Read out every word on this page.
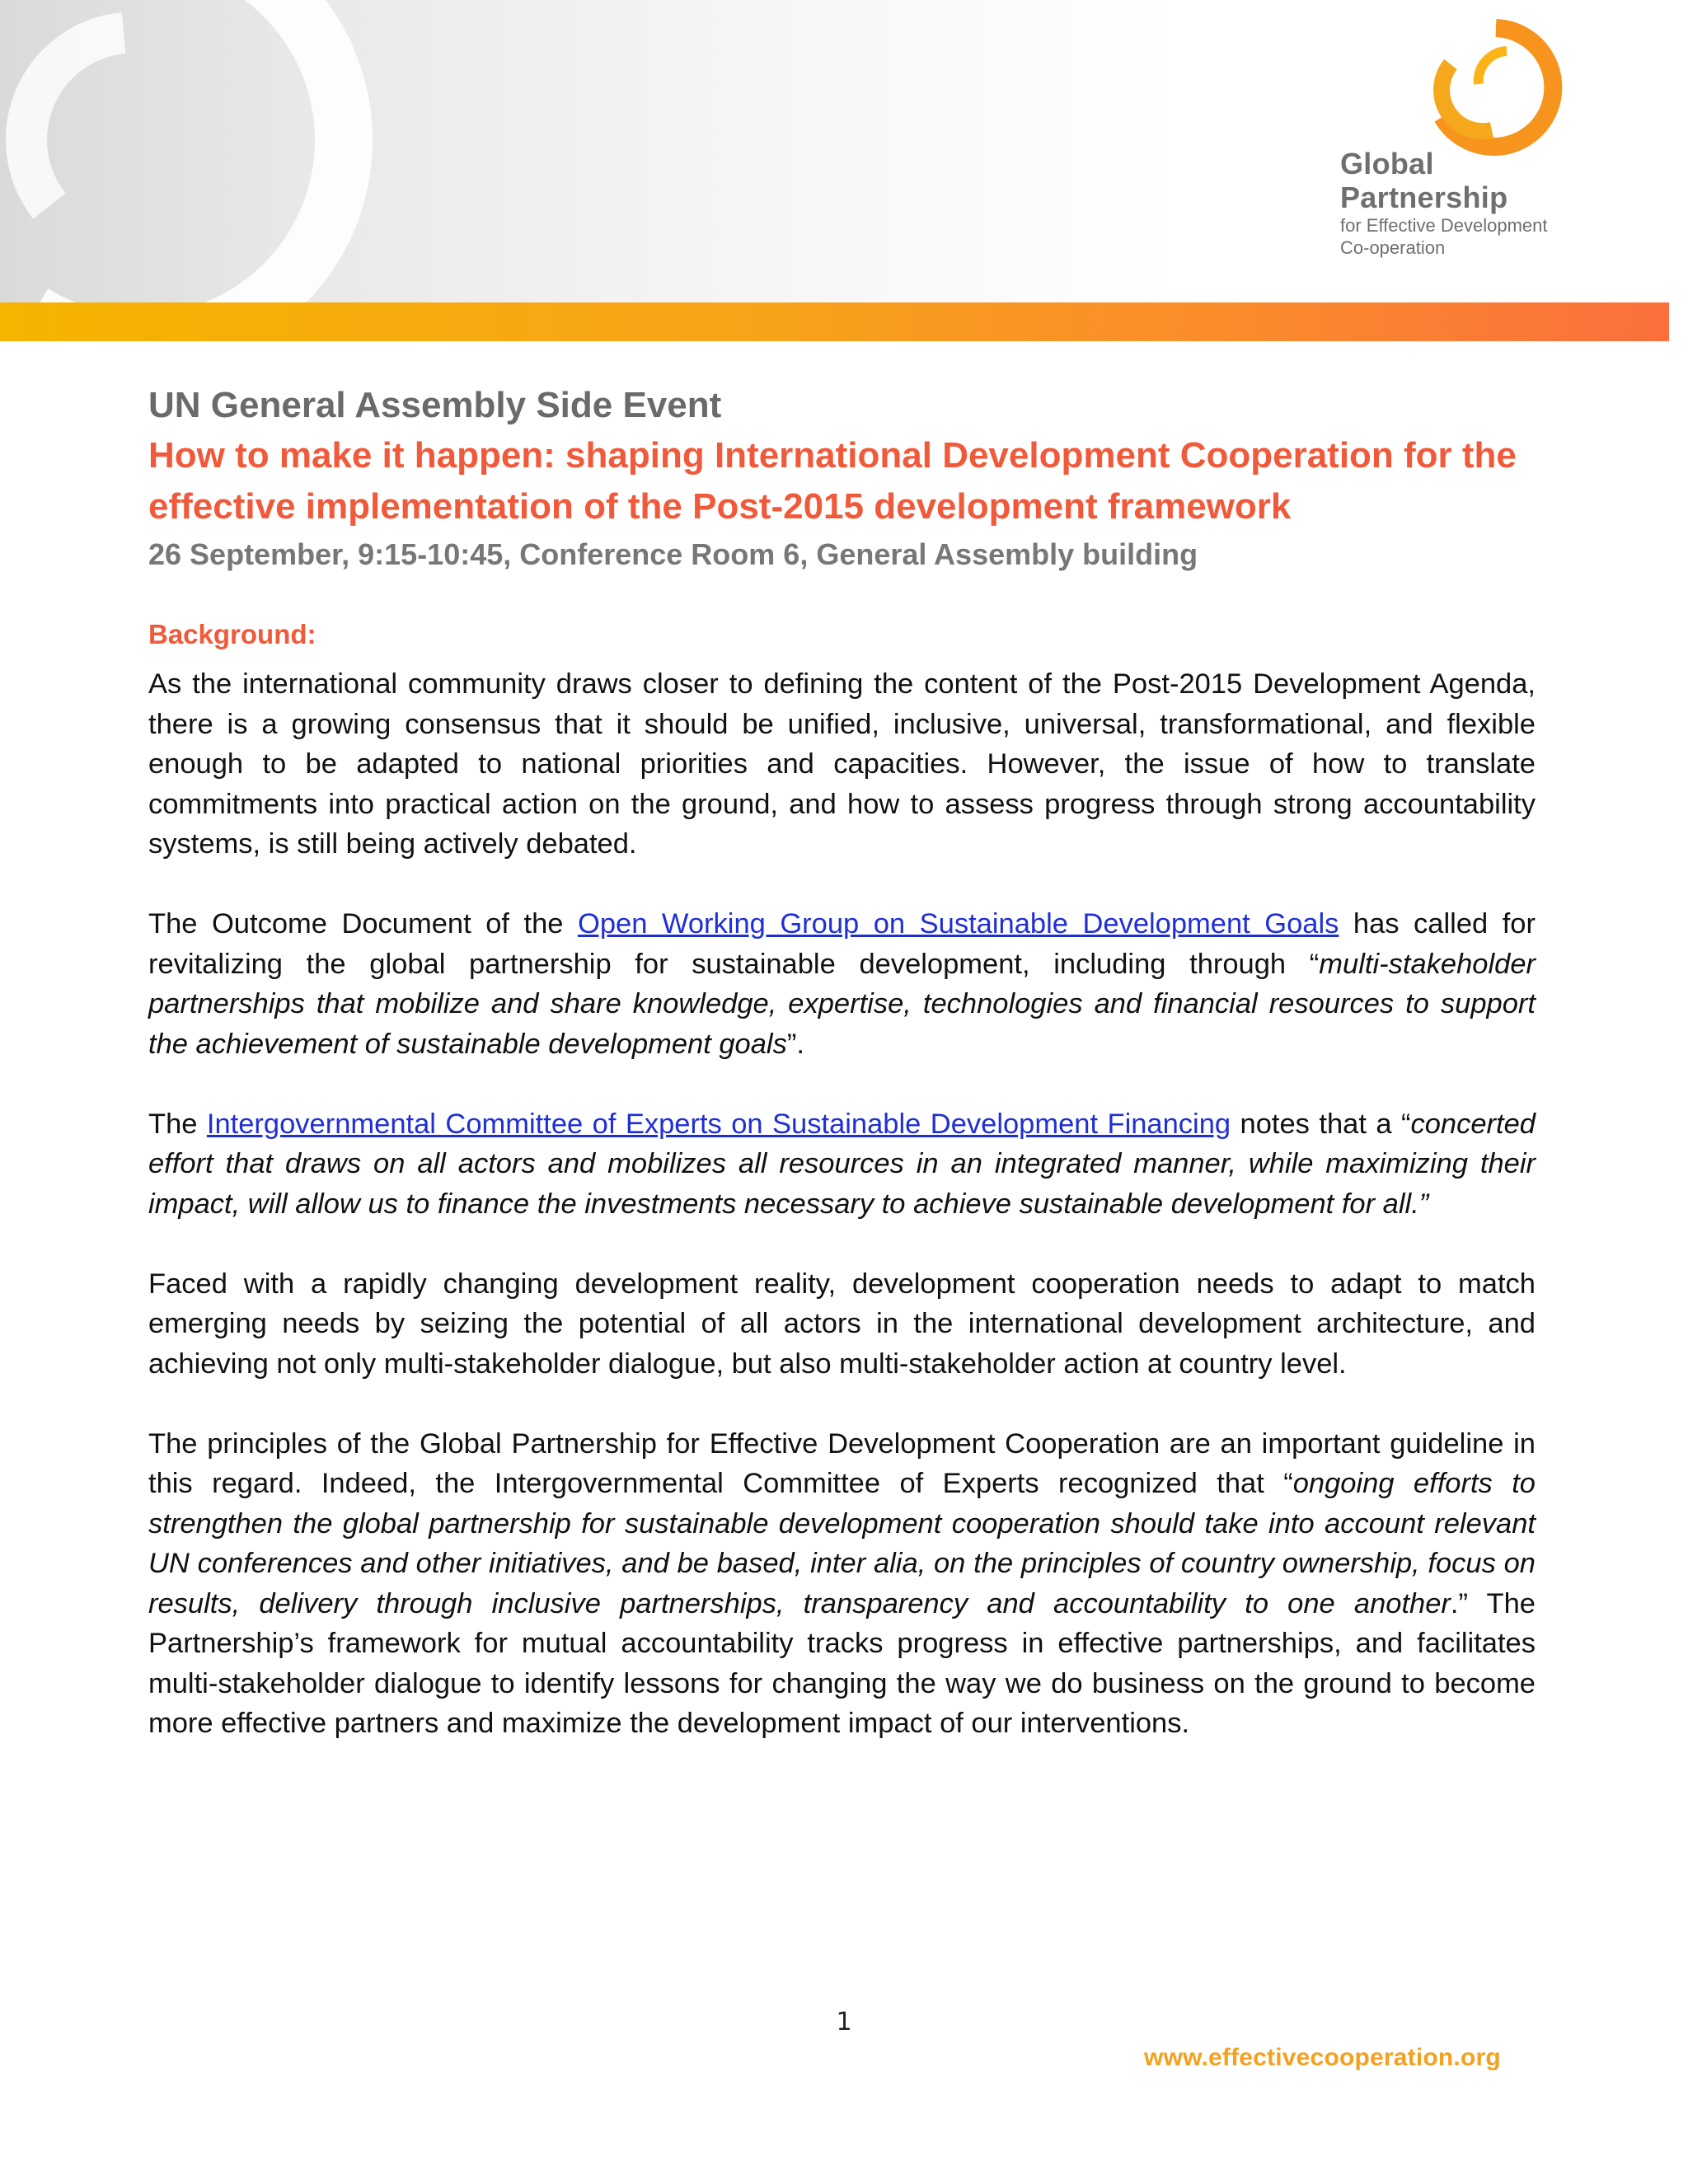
Global
Partnership
for Effective Development
Co-operation
UN General Assembly Side Event
How to make it happen: shaping International Development Cooperation for the effective implementation of the Post-2015 development framework
26 September, 9:15-10:45, Conference Room 6, General Assembly building
Background:

As the international community draws closer to defining the content of the Post-2015 Development Agenda, there is a growing consensus that it should be unified, inclusive, universal, transformational, and flexible enough to be adapted to national priorities and capacities. However, the issue of how to translate commitments into practical action on the ground, and how to assess progress through strong accountability systems, is still being actively debated.

The Outcome Document of the Open Working Group on Sustainable Development Goals has called for revitalizing the global partnership for sustainable development, including through “multi-stakeholder partnerships that mobilize and share knowledge, expertise, technologies and financial resources to support the achievement of sustainable development goals”.

The Intergovernmental Committee of Experts on Sustainable Development Financing notes that a “concerted effort that draws on all actors and mobilizes all resources in an integrated manner, while maximizing their impact, will allow us to finance the investments necessary to achieve sustainable development for all.”

Faced with a rapidly changing development reality, development cooperation needs to adapt to match emerging needs by seizing the potential of all actors in the international development architecture, and achieving not only multi-stakeholder dialogue, but also multi-stakeholder action at country level.

The principles of the Global Partnership for Effective Development Cooperation are an important guideline in this regard. Indeed, the Intergovernmental Committee of Experts recognized that “ongoing efforts to strengthen the global partnership for sustainable development cooperation should take into account relevant UN conferences and other initiatives, and be based, inter alia, on the principles of country ownership, focus on results, delivery through inclusive partnerships, transparency and accountability to one another.” The Partnership’s framework for mutual accountability tracks progress in effective partnerships, and facilitates multi-stakeholder dialogue to identify lessons for changing the way we do business on the ground to become more effective partners and maximize the development impact of our interventions.

1
www.effectivecooperation.org
